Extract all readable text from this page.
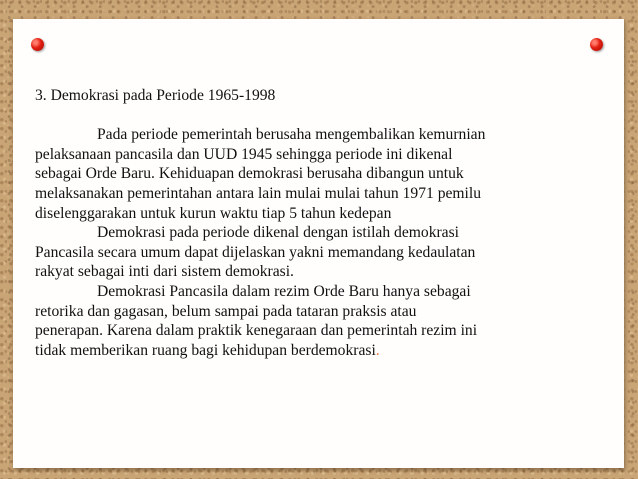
3. Demokrasi pada Periode 1965-1998

Pada periode pemerintah berusaha mengembalikan kemurnian

pelaksanaan pancasila dan UUD 1945 sehingga periode ini dikenal

sebagai Orde Baru. Kehiduapan demokrasi berusaha dibangun untuk

melaksanakan pemerintahan antara lain mulai mulai tahun 1971 pemilu

diselenggarakan untuk kurun waktu tiap 5 tahun kedepan

Demokrasi pada periode dikenal dengan istilah demokrasi

Pancasila secara umum dapat dijelaskan yakni memandang kedaulatan

rakyat sebagai inti dari sistem demokrasi.

Demokrasi Pancasila dalam rezim Orde Baru hanya sebagai

retorika dan gagasan, belum sampai pada tataran praksis atau

penerapan. Karena dalam praktik kenegaraan dan pemerintah rezim ini

tidak memberikan ruang bagi kehidupan berdemokrasi.
